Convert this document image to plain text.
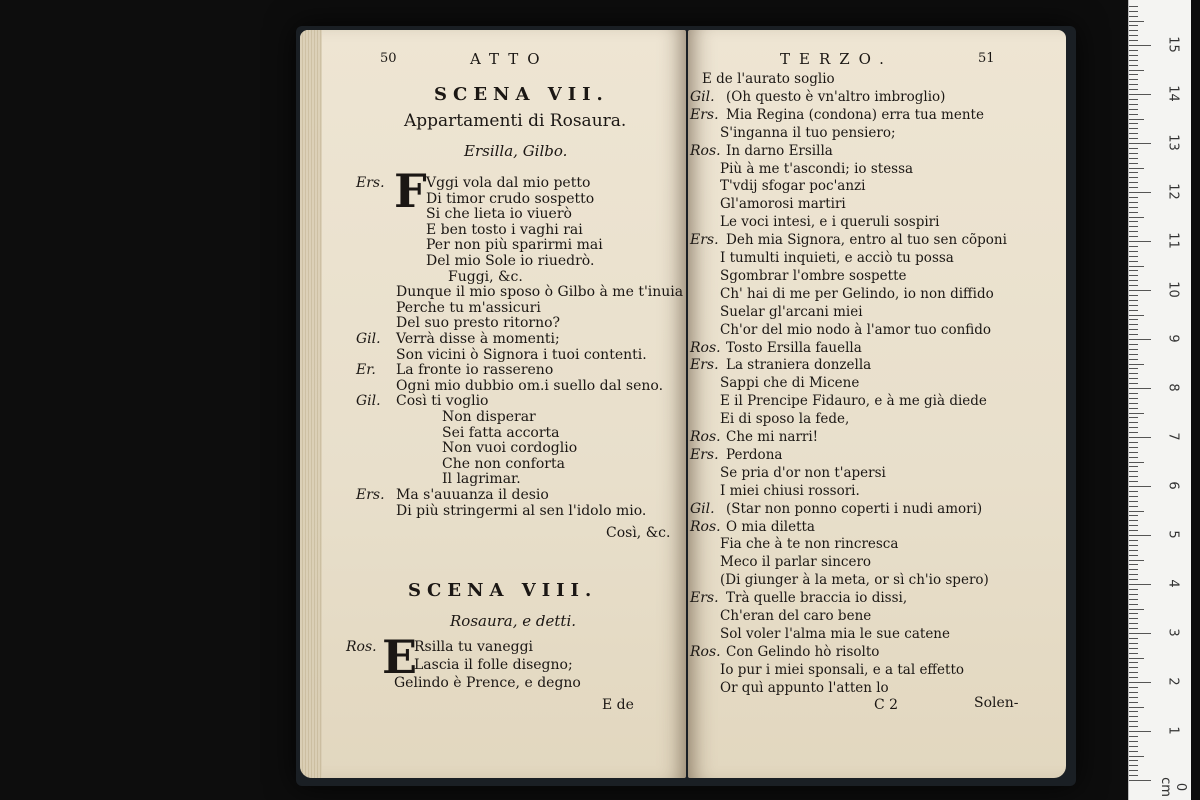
50	ATTO
SCENA VII.
Appartamenti di Rosaura.
Ersilla, Gilbo.
F
Ers.	Vggi vola dal mio petto
Di timor crudo sospetto
Si che lieta io viuerò
E ben tosto i vaghi rai
Per non più sparirmi mai
Del mio Sole io riuedrò.
Fuggi, &c.
Dunque il mio sposo ò Gilbo à me t'inuia
Perche tu m'assicuri
Del suo presto ritorno?
Gil. Verrà disse à momenti;
Son vicini ò Signora i tuoi contenti.
Er. La fronte io rassereno
Ogni mio dubbio om.i suello dal seno.
Gil. Così ti voglio
Non disperar
Sei fatta accorta
Non vuoi cordoglio
Che non conforta
Il lagrimar.
Ers. Ma s'auuanza il desio
Di più stringermi al sen l'idolo mio.
Così, &c.
SCENA VIII.
Rosaura, e detti.
E
Ros.	Rsilla tu vaneggi
Lascia il folle disegno;
Gelindo è Prence, e degno
E de
TERZO.	51
E de l'aurato soglio
Gil. (Oh questo è vn'altro imbroglio)
Ers. Mia Regina (condona) erra tua mente
S'inganna il tuo pensiero;
Ros. In darno Ersilla
Più à me t'ascondi; io stessa
T'vdij sfogar poc'anzi
Gl'amorosi martiri
Le voci intesi, e i queruli sospiri
Ers. Deh mia Signora, entro al tuo sen cõponi
I tumulti inquieti, e acciò tu possa
Sgombrar l'ombre sospette
Ch' hai di me per Gelindo, io non diffido
Suelar gl'arcani miei
Ch'or del mio nodo à l'amor tuo confido
Ros. Tosto Ersilla fauella
Ers. La straniera donzella
Sappi che di Micene
E il Prencipe Fidauro, e à me già diede
Ei di sposo la fede,
Ros. Che mi narri!
Ers. Perdona
Se pria d'or non t'apersi
I miei chiusi rossori.
Gil. (Star non ponno coperti i nudi amori)
Ros. O mia diletta
Fia che à te non rincresca
Meco il parlar sincero
(Di giunger à la meta, or sì ch'io spero)
Ers. Trà quelle braccia io dissi,
Ch'eran del caro bene
Sol voler l'alma mia le sue catene
Ros. Con Gelindo hò risolto
Io pur i miei sponsali, e a tal effetto
Or quì appunto l'atten lo
C 2	Solen-
0 cm
1
2
3
4
5
6
7
8
9
10
11
12
13
14
15
